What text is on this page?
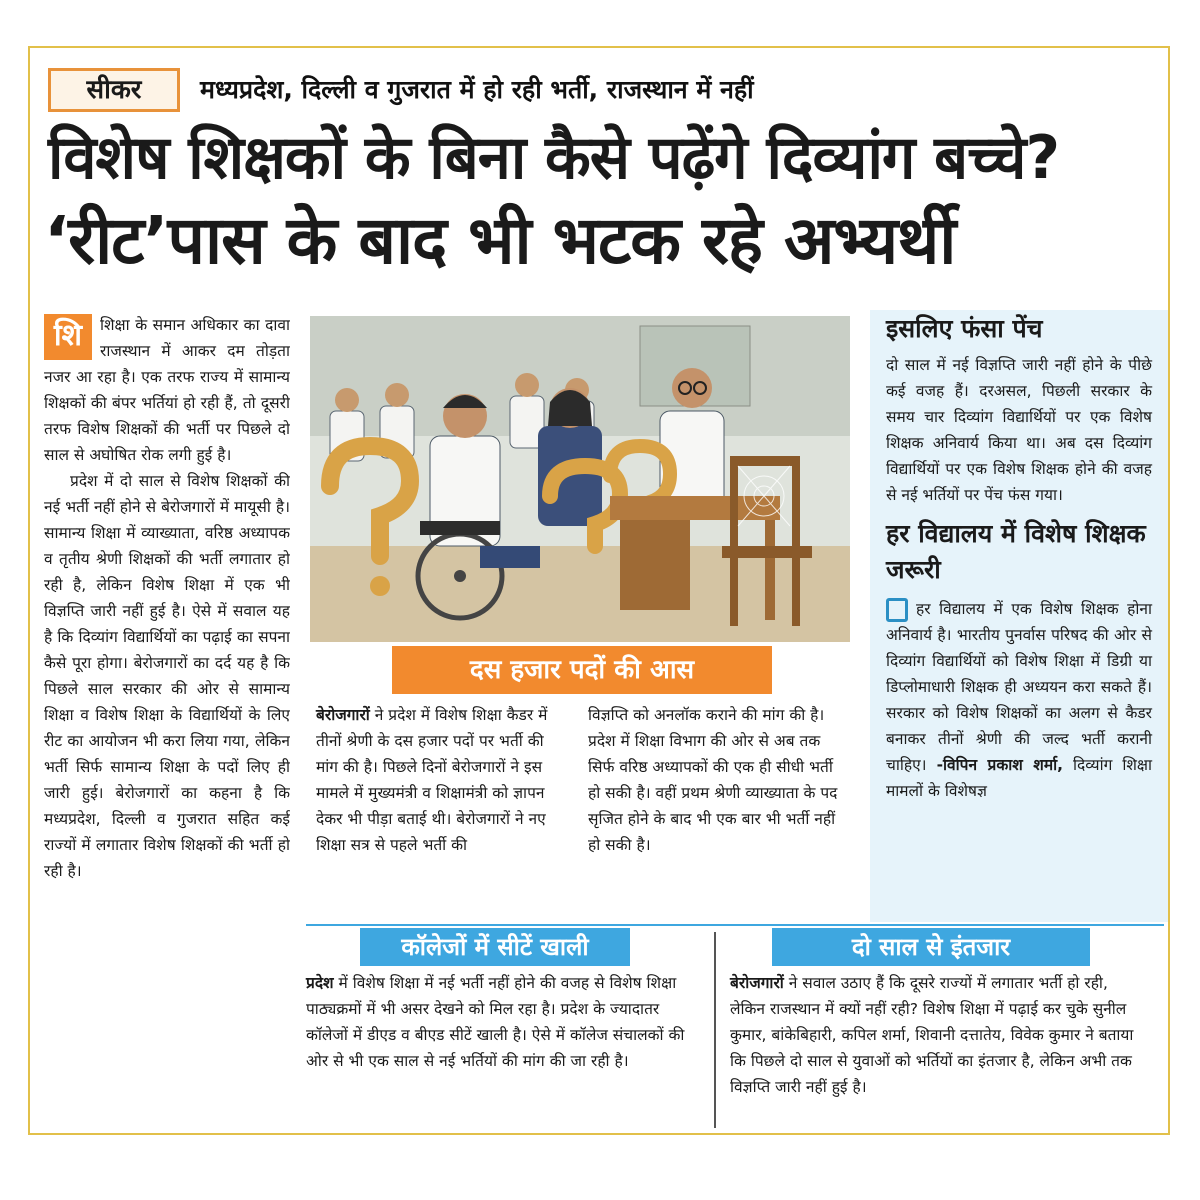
सीकर	मध्यप्रदेश, दिल्ली व गुजरात में हो रही भर्ती, राजस्थान में नहीं
विशेष शिक्षकों के बिना कैसे पढ़ेंगे दिव्यांग बच्चे?
‘रीट’पास के बाद भी भटक रहे अभ्यर्थी
शि	शिक्षा के समान अधिकार का दावा राजस्थान में आकर दम तोड़ता नजर आ रहा है। एक तरफ राज्य में सामान्य शिक्षकों की बंपर भर्तियां हो रही हैं, तो दूसरी तरफ विशेष शिक्षकों की भर्ती पर पिछले दो साल से अघोषित रोक लगी हुई है।

प्रदेश में दो साल से विशेष शिक्षकों की नई भर्ती नहीं होने से बेरोजगारों में मायूसी है। सामान्य शिक्षा में व्याख्याता, वरिष्ठ अध्यापक व तृतीय श्रेणी शिक्षकों की भर्ती लगातार हो रही है, लेकिन विशेष शिक्षा में एक भी विज्ञप्ति जारी नहीं हुई है। ऐसे में सवाल यह है कि दिव्यांग विद्यार्थियों का पढ़ाई का सपना कैसे पूरा होगा। बेरोजगारों का दर्द यह है कि पिछले साल सरकार की ओर से सामान्य शिक्षा व विशेष शिक्षा के विद्यार्थियों के लिए रीट का आयोजन भी करा लिया गया, लेकिन भर्ती सिर्फ सामान्य शिक्षा के पदों लिए ही जारी हुई। बेरोजगारों का कहना है कि मध्यप्रदेश, दिल्ली व गुजरात सहित कई राज्यों में लगातार विशेष शिक्षकों की भर्ती हो रही है।

इसलिए फंसा पेंच
दो साल में नई विज्ञप्ति जारी नहीं होने के पीछे कई वजह हैं। दरअसल, पिछली सरकार के समय चार दिव्यांग विद्यार्थियों पर एक विशेष शिक्षक अनिवार्य किया था। अब दस दिव्यांग विद्यार्थियों पर एक विशेष शिक्षक होने की वजह से नई भर्तियों पर पेंच फंस गया।
हर विद्यालय में विशेष शिक्षक जरूरी
हर विद्यालय में एक विशेष शिक्षक होना अनिवार्य है। भारतीय पुनर्वास परिषद की ओर से दिव्यांग विद्यार्थियों को विशेष शिक्षा में डिग्री या डिप्लोमाधारी शिक्षक ही अध्ययन करा सकते हैं। सरकार को विशेष शिक्षकों का अलग से कैडर बनाकर तीनों श्रेणी की जल्द भर्ती करानी चाहिए। -विपिन प्रकाश शर्मा, दिव्यांग शिक्षा मामलों के विशेषज्ञ
दस हजार पदों की आस
बेरोजगारों ने प्रदेश में विशेष शिक्षा कैडर में तीनों श्रेणी के दस हजार पदों पर भर्ती की मांग की है। पिछले दिनों बेरोजगारों ने इस मामले में मुख्यमंत्री व शिक्षामंत्री को ज्ञापन देकर भी पीड़ा बताई थी। बेरोजगारों ने नए शिक्षा सत्र से पहले भर्ती की
विज्ञप्ति को अनलॉक कराने की मांग की है। प्रदेश में शिक्षा विभाग की ओर से अब तक सिर्फ वरिष्ठ अध्यापकों की एक ही सीधी भर्ती हो सकी है। वहीं प्रथम श्रेणी व्याख्याता के पद सृजित होने के बाद भी एक बार भी भर्ती नहीं हो सकी है।
कॉलेजों में सीटें खाली
प्रदेश में विशेष शिक्षा में नई भर्ती नहीं होने की वजह से विशेष शिक्षा पाठ्यक्रमों में भी असर देखने को मिल रहा है। प्रदेश के ज्यादातर कॉलेजों में डीएड व बीएड सीटें खाली है। ऐसे में कॉलेज संचालकों की ओर से भी एक साल से नई भर्तियों की मांग की जा रही है।
दो साल से इंतजार
बेरोजगारों ने सवाल उठाए हैं कि दूसरे राज्यों में लगातार भर्ती हो रही, लेकिन राजस्थान में क्यों नहीं रही? विशेष शिक्षा में पढ़ाई कर चुके सुनील कुमार, बांकेबिहारी, कपिल शर्मा, शिवानी दत्तातेय, विवेक कुमार ने बताया कि पिछले दो साल से युवाओं को भर्तियों का इंतजार है, लेकिन अभी तक विज्ञप्ति जारी नहीं हुई है।
